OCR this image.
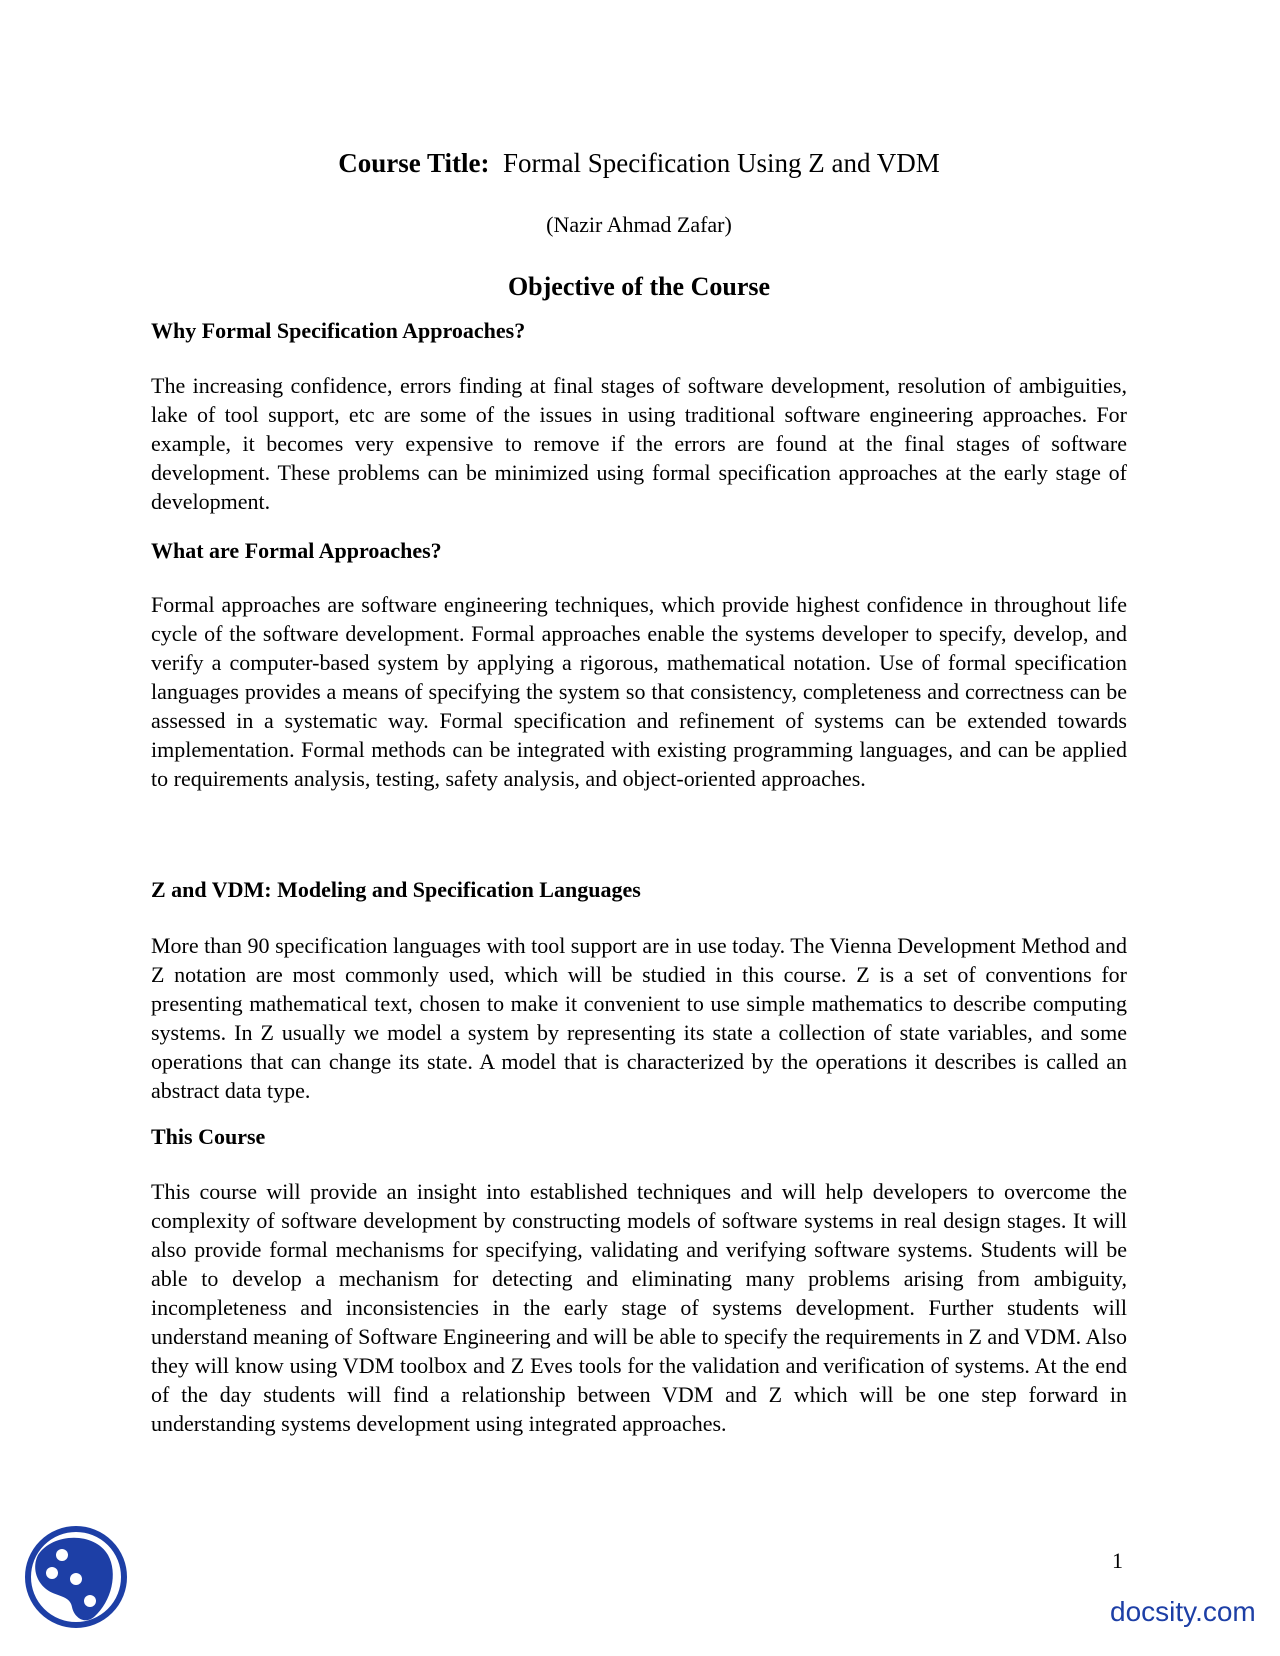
Course Title: Formal Specification Using Z and VDM
(Nazir Ahmad Zafar)
Objective of the Course
Why Formal Specification Approaches?

The increasing confidence, errors finding at final stages of software development, resolution of ambiguities, lake of tool support, etc are some of the issues in using traditional software engineering approaches. For example, it becomes very expensive to remove if the errors are found at the final stages of software development. These problems can be minimized using formal specification approaches at the early stage of development.

What are Formal Approaches?

Formal approaches are software engineering techniques, which provide highest confidence in throughout life cycle of the software development. Formal approaches enable the systems developer to specify, develop, and verify a computer-based system by applying a rigorous, mathematical notation. Use of formal specification languages provides a means of specifying the system so that consistency, completeness and correctness can be assessed in a systematic way. Formal specification and refinement of systems can be extended towards implementation. Formal methods can be integrated with existing programming languages, and can be applied to requirements analysis, testing, safety analysis, and object-oriented approaches.

Z and VDM: Modeling and Specification Languages

More than 90 specification languages with tool support are in use today. The Vienna Development Method and Z notation are most commonly used, which will be studied in this course. Z is a set of conventions for presenting mathematical text, chosen to make it convenient to use simple mathematics to describe computing systems. In Z usually we model a system by representing its state a collection of state variables, and some operations that can change its state. A model that is characterized by the operations it describes is called an abstract data type.

This Course

This course will provide an insight into established techniques and will help developers to overcome the complexity of software development by constructing models of software systems in real design stages. It will also provide formal mechanisms for specifying, validating and verifying software systems. Students will be able to develop a mechanism for detecting and eliminating many problems arising from ambiguity, incompleteness and inconsistencies in the early stage of systems development. Further students will understand meaning of Software Engineering and will be able to specify the requirements in Z and VDM. Also they will know using VDM toolbox and Z Eves tools for the validation and verification of systems. At the end of the day students will find a relationship between VDM and Z which will be one step forward in understanding systems development using integrated approaches.

1
docsity.com
